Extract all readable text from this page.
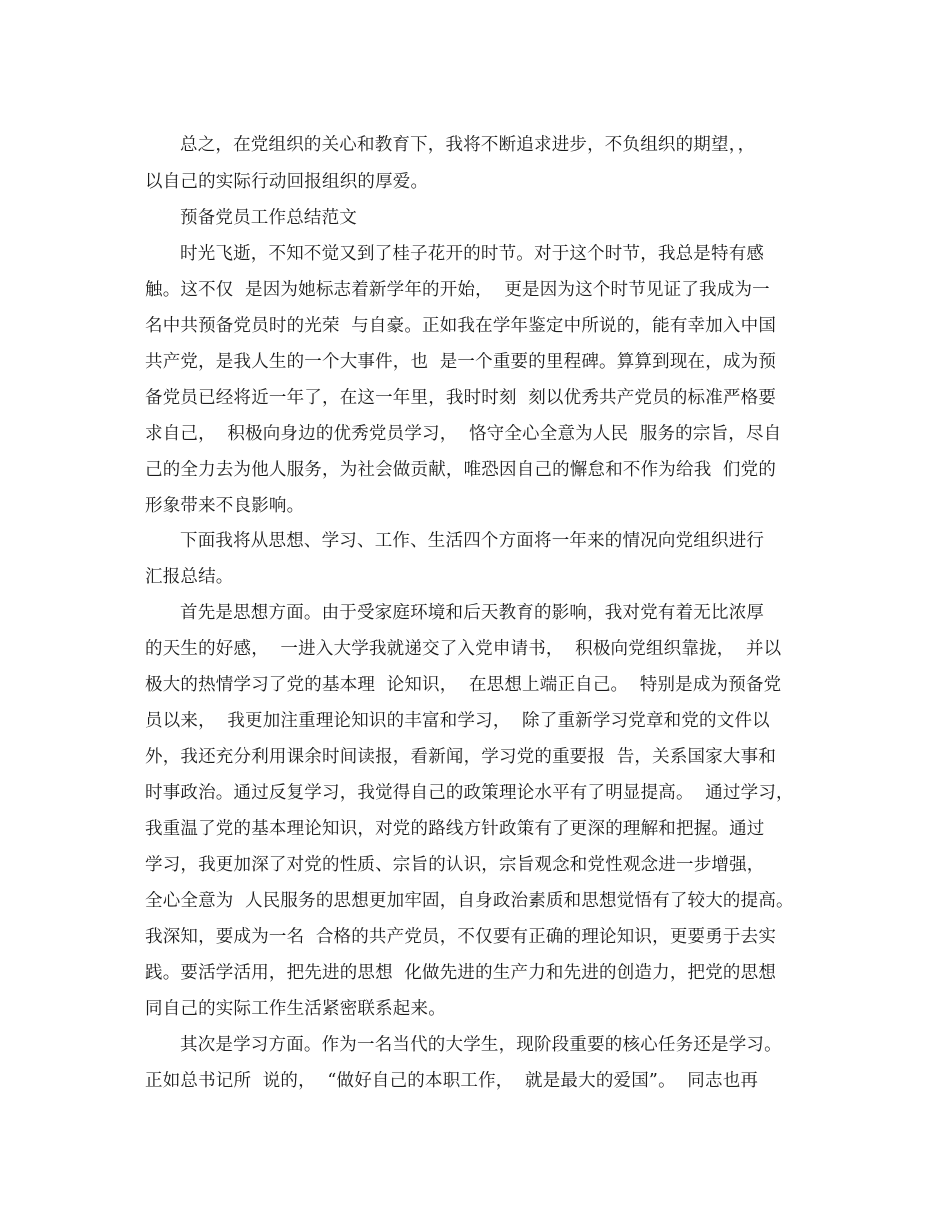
总之，在党组织的关心和教育下，我将不断追求进步，不负组织的期望，，

以自己的实际行动回报组织的厚爱。

预备党员工作总结范文

时光飞逝，不知不觉又到了桂子花开的时节。对于这个时节，我总是特有感

触。这不仅  是因为她标志着新学年的开始，  更是因为这个时节见证了我成为一

名中共预备党员时的光荣  与自豪。正如我在学年鉴定中所说的，能有幸加入中国

共产党，是我人生的一个大事件，也  是一个重要的里程碑。算算到现在，成为预

备党员已经将近一年了，在这一年里，我时时刻  刻以优秀共产党员的标准严格要

求自己，  积极向身边的优秀党员学习，  恪守全心全意为人民  服务的宗旨，尽自

己的全力去为他人服务，为社会做贡献，唯恐因自己的懈怠和不作为给我  们党的

形象带来不良影响。

下面我将从思想、学习、工作、生活四个方面将一年来的情况向党组织进行

汇报总结。

首先是思想方面。由于受家庭环境和后天教育的影响，我对党有着无比浓厚

的天生的好感，  一进入大学我就递交了入党申请书，  积极向党组织靠拢，  并以

极大的热情学习了党的基本理  论知识，  在思想上端正自己。  特别是成为预备党

员以来，  我更加注重理论知识的丰富和学习，  除了重新学习党章和党的文件以

外，我还充分利用课余时间读报，看新闻，学习党的重要报  告，关系国家大事和

时事政治。通过反复学习，我觉得自己的政策理论水平有了明显提高。  通过学习，

我重温了党的基本理论知识，对党的路线方针政策有了更深的理解和把握。通过

学习，我更加深了对党的性质、宗旨的认识，宗旨观念和党性观念进一步增强，

全心全意为  人民服务的思想更加牢固，自身政治素质和思想觉悟有了较大的提高。

我深知，要成为一名  合格的共产党员，不仅要有正确的理论知识，更要勇于去实

践。要活学活用，把先进的思想  化做先进的生产力和先进的创造力，把党的思想

同自己的实际工作生活紧密联系起来。

其次是学习方面。作为一名当代的大学生，现阶段重要的核心任务还是学习。

正如总书记所  说的，  “做好自己的本职工作，  就是最大的爱国”。  同志也再
